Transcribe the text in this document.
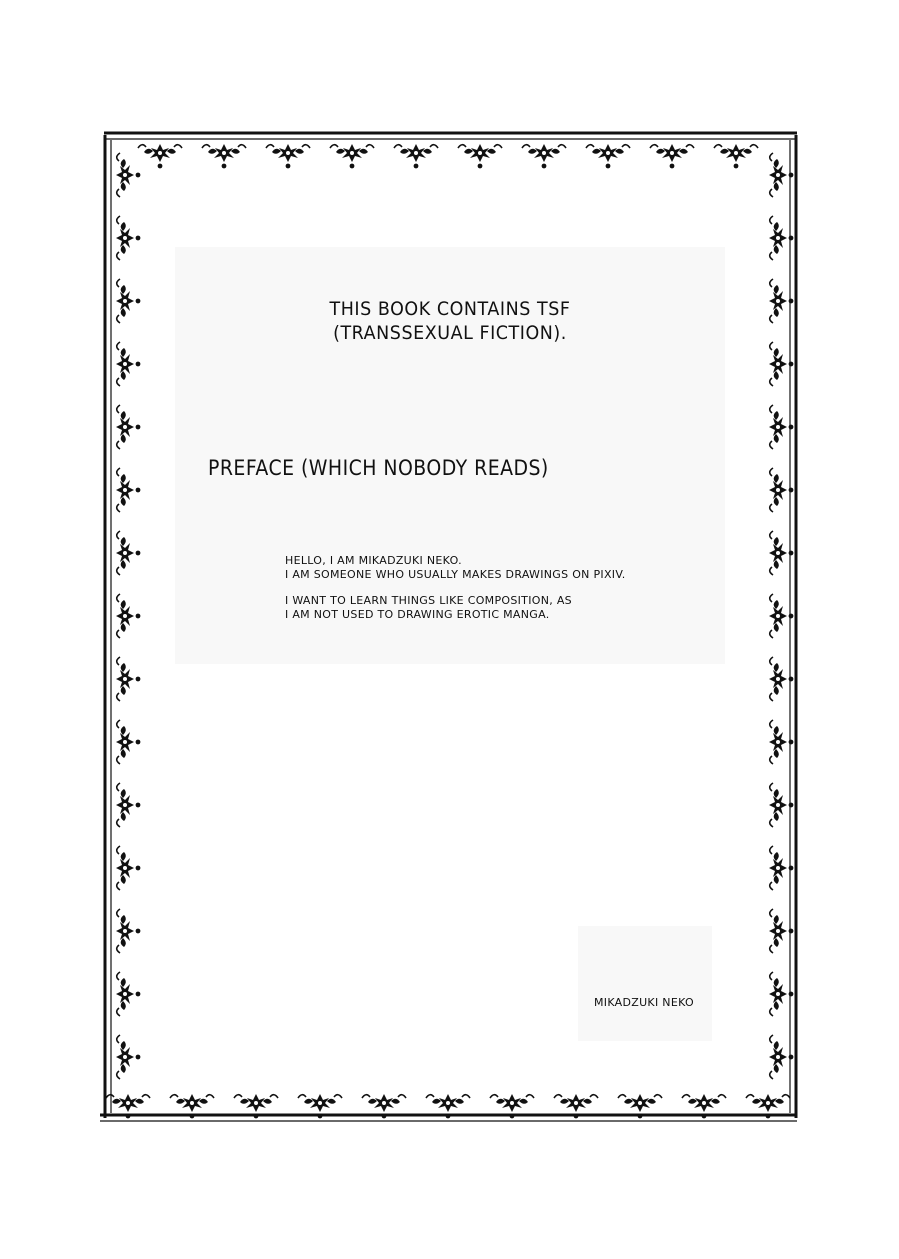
THIS BOOK CONTAINS TSF
(TRANSSEXUAL FICTION).
PREFACE (WHICH NOBODY READS)
HELLO, I AM MIKADZUKI NEKO.
I AM SOMEONE WHO USUALLY MAKES DRAWINGS ON PIXIV.
I WANT TO LEARN THINGS LIKE COMPOSITION, AS
I AM NOT USED TO DRAWING EROTIC MANGA.
MIKADZUKI NEKO
